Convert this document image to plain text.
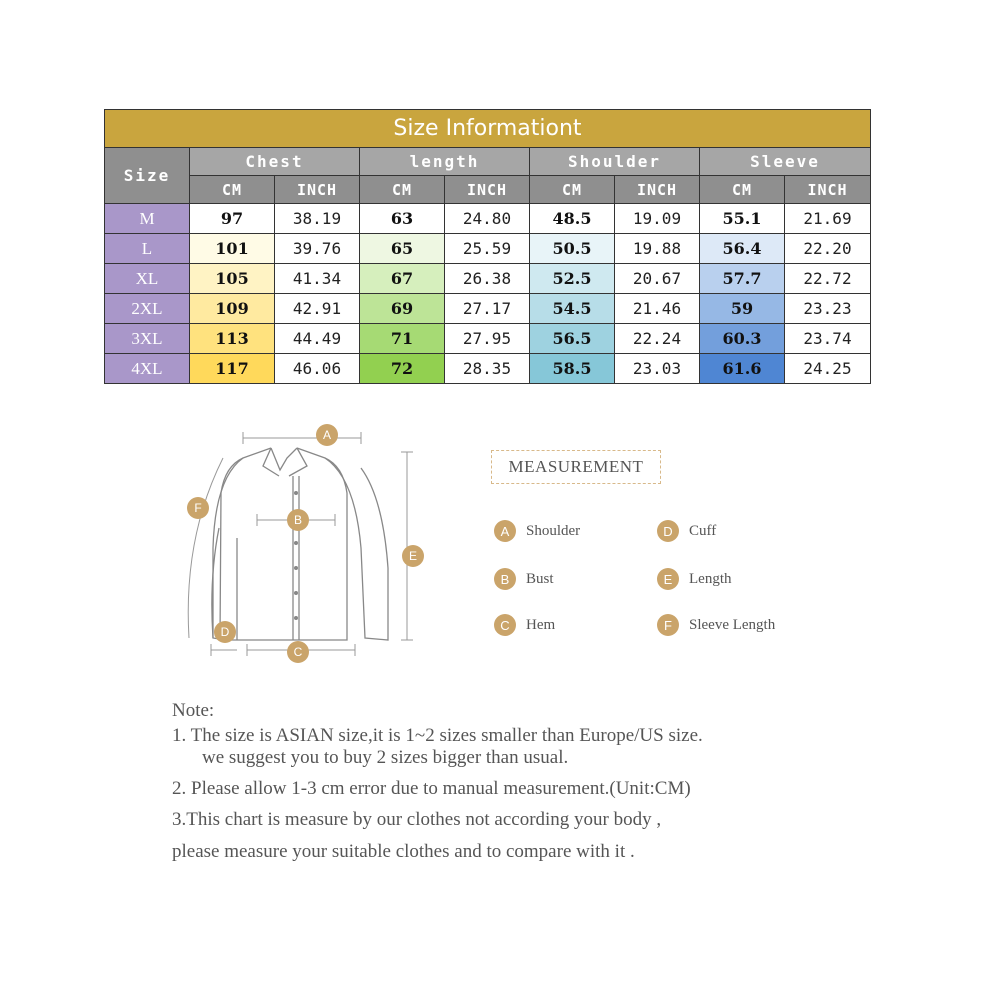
Size Informationt								
Size	Chest		length		Shoulder		Sleeve	
	CM	INCH	CM	INCH	CM	INCH	CM	INCH
M	97	38.19	63	24.80	48.5	19.09	55.1	21.69
L	101	39.76	65	25.59	50.5	19.88	56.4	22.20
XL	105	41.34	67	26.38	52.5	20.67	57.7	22.72
2XL	109	42.91	69	27.17	54.5	21.46	59	23.23
3XL	113	44.49	71	27.95	56.5	22.24	60.3	23.74
4XL	117	46.06	72	28.35	58.5	23.03	61.6	24.25
A
B
C
D
E
F
MEASUREMENT
A	Shoulder
B	Bust
C	Hem
D	Cuff
E	Length
F	Sleeve Length
Note:
1. The size is ASIAN size,it is 1~2 sizes smaller than Europe/US size.
we suggest you to buy 2 sizes bigger than usual.
2. Please allow 1-3 cm error due to manual measurement.(Unit:CM)
3.This chart is measure by our clothes not according your body ,
please measure your suitable clothes and to compare with it .
